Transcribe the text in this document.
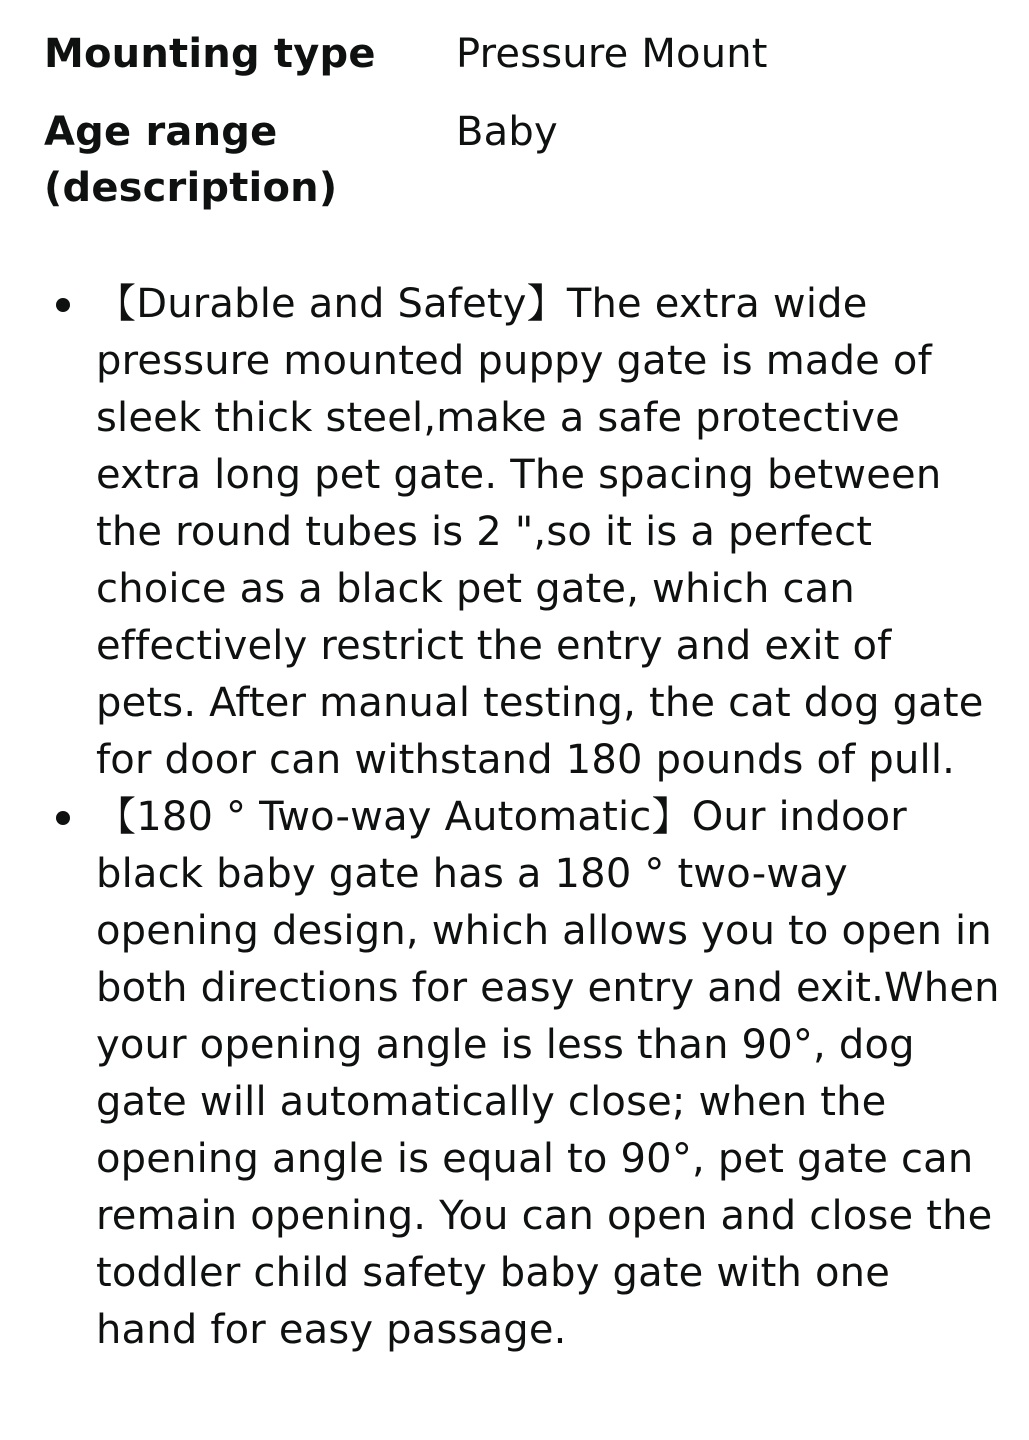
Mounting type	Pressure Mount
Age range
(description)
Baby
【Durable and Safety】The extra wide pressure mounted puppy gate is made of sleek thick steel,make a safe protective extra long pet gate. The spacing between the round tubes is 2 ",so it is a perfect choice as a black pet gate, which can effectively restrict the entry and exit of pets. After manual testing, the cat dog gate for door can withstand 180 pounds of pull.
【180 ° Two-way Automatic】Our indoor black baby gate has a 180 ° two-way opening design, which allows you to open in both directions for easy entry and exit.When your opening angle is less than 90°, dog gate will automatically close; when the opening angle is equal to 90°, pet gate can remain opening. You can open and close the toddler child safety baby gate with one hand for easy passage.
